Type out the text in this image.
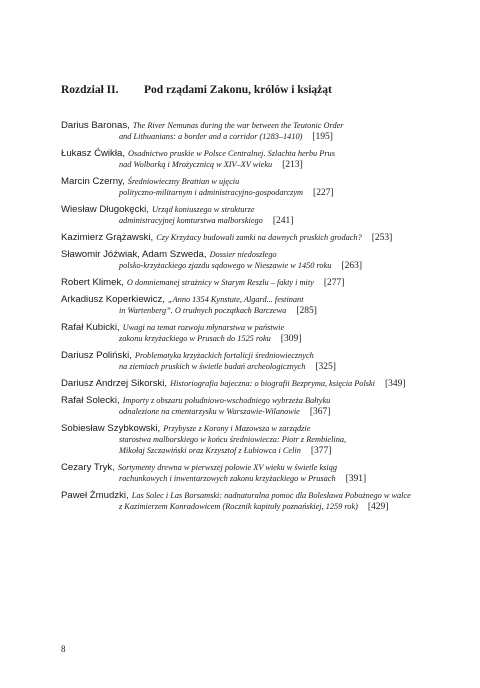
Rozdział II. Pod rządami Zakonu, królów i książąt
Darius Baronas, The River Nemunas during the war between the Teutonic Order
and Lithuanians: a border and a corridor (1283–1410) [195]
Łukasz Ćwikła, Osadnictwo pruskie w Polsce Centralnej. Szlachta herbu Prus
nad Wolborką i Mrożycznicą w XIV–XV wieku [213]
Marcin Czerny, Średniowieczny Brattian w ujęciu
polityczno-militarnym i administracyjno-gospodarczym [227]
Wiesław Długokęcki, Urząd koniuszego w strukturze
administracyjnej komturstwa malborskiego [241]
Kazimierz Grążawski, Czy Krzyżacy budowali zamki na dawnych pruskich grodach? [253]
Sławomir Jóźwiak, Adam Szweda, Dossier niedoszłego
polsko-krzyżackiego zjazdu sądowego w Nieszawie w 1450 roku [263]
Robert Klimek, O domniemanej strażnicy w Starym Reszlu – fakty i mity [277]
Arkadiusz Koperkiewicz, „Anno 1354 Kynstute, Algard... festinant
in Wartenberg”. O trudnych początkach Barczewa [285]
Rafał Kubicki, Uwagi na temat rozwoju młynarstwa w państwie
zakonu krzyżackiego w Prusach do 1525 roku [309]
Dariusz Poliński, Problematyka krzyżackich fortalicji średniowiecznych
na ziemiach pruskich w świetle badań archeologicznych [325]
Dariusz Andrzej Sikorski, Historiografia bajeczna: o biografii Bezpryma, księcia Polski [349]
Rafał Solecki, Importy z obszaru południowo-wschodniego wybrzeża Bałtyku
odnalezione na cmentarzysku w Warszawie-Wilanowie [367]
Sobiesław Szybkowski, Przybysze z Korony i Mazowsza w zarządzie
starostwa malborskiego w końcu średniowiecza: Piotr z Rembielina,
Mikołaj Szczawiński oraz Krzysztof z Łubiowca i Celin [377]
Cezary Tryk, Sortymenty drewna w pierwszej połowie XV wieku w świetle ksiąg
rachunkowych i inwentarzowych zakonu krzyżackiego w Prusach [391]
Paweł Żmudzki, Las Solec i Las Borsamski: nadnaturalna pomoc dla Bolesława Pobożnego w walce
z Kazimierzem Konradowicem (Rocznik kapituły poznańskiej, 1259 rok) [429]
8
